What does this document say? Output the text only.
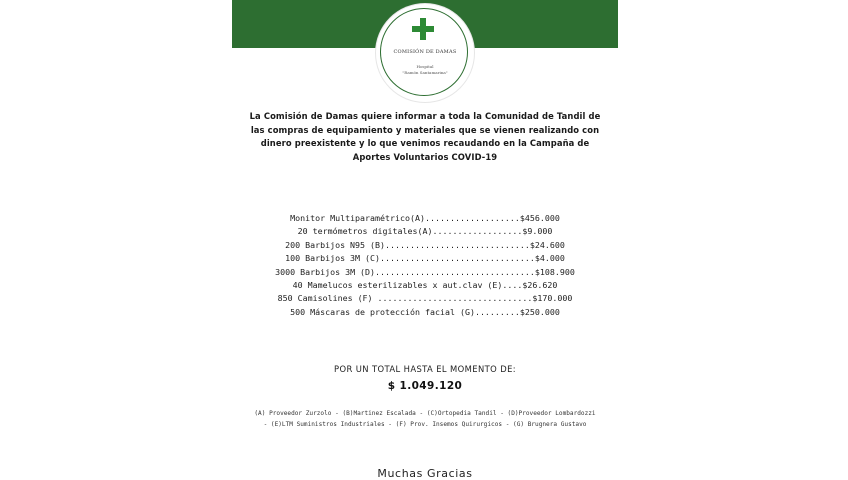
COMISIÓN DE DAMAS
Hospital
"Ramón Santamarina"

La Comisión de Damas quiere informar a toda la Comunidad de Tandil de las compras de equipamiento y materiales que se vienen realizando con dinero preexistente y lo que venimos recaudando en la Campaña de Aportes Voluntarios COVID-19

Monitor Multiparamétrico(A)...................$456.000
20 termómetros digitales(A)..................$9.000
200 Barbijos N95 (B).............................$24.600
100 Barbijos 3M (C)...............................$4.000
3000 Barbijos 3M (D)................................$108.900
40 Mamelucos esterilizables x aut.clav (E)....$26.620
850 Camisolines (F) ...............................$170.000
500 Máscaras de protección facial (G).........$250.000
POR UN TOTAL HASTA EL MOMENTO DE:
$ 1.049.120
(A) Proveedor Zurzolo - (B)Martinez Escalada - (C)Ortopedia Tandil - (D)Proveedor Lombardozzi - (E)LTM Suministros Industriales - (F) Prov. Insemos Quirurgicos - (G) Brugnera Gustavo
Muchas Gracias
